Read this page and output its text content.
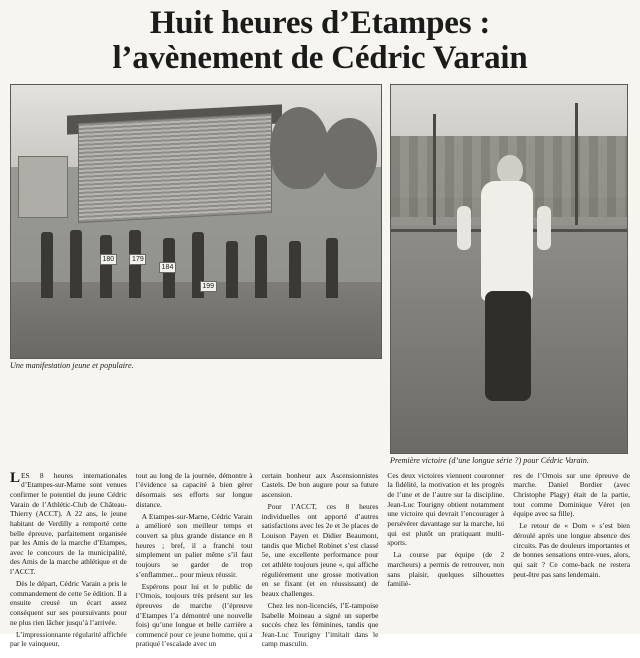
Huit heures d’Etampes :
l’avènement de Cédric Varain
180	179
184
199
Une manifestation jeune et populaire.
Première victoire (d’une longue série ?) pour Cédric Varain.

LES 8 heures internationales d’Etampes-sur-Marne sont venues confirmer le potentiel du jeune Cédric Varain de l’Athlétic-Club de Château-Thierry (ACCT). A 22 ans, le jeune habitant de Verdilly a remporté cette belle épreuve, parfaitement organisée par les Amis de la marche d’Etampes, avec le concours de la municipalité, des Amis de la marche athlétique et de l’ACCT.

Dès le départ, Cédric Varain a pris le commandement de cette 5e édition. Il a ensuite creusé un écart assez conséquent sur ses poursuivants pour ne plus rien lâcher jusqu’à l’arrivée.

L’impressionnante régularité affichée par le vainqueur,

tout au long de la journée, démontre à l’évidence sa capacité à bien gérer désormais ses efforts sur longue distance.

A Etampes-sur-Marne, Cédric Varain a amélioré son meilleur temps et couvert sa plus grande distance en 8 heures ; bref, il a franchi tout simplement un palier même s’il faut toujours se garder de trop s’enflammer... pour mieux réussir.

Espérons pour lui et le public de l’Omois, toujours très présent sur les épreuves de marche (l’épreuve d’Etampes l’a démontré une nouvelle fois) qu’une longue et belle carrière a commencé pour ce jeune homme, qui a pratiqué l’escalade avec un

certain bonheur aux Ascensionnistes Castels. De bon augure pour sa future ascension.

Pour l’ACCT, ces 8 heures individuelles ont apporté d’autres satisfactions avec les 2e et 3e places de Louison Payen et Didier Beaumont, tandis que Michel Robinet s’est classé 5e, une excellente performance pour cet athlète toujours jeune «, qui affiche régulièrement une grosse motivation en se fixant (et en réussissant) de beaux challenges.

Chez les non-licenciés, l’E-tampoise Isabelle Moineau a signé un superbe succès chez les féminines, tandis que Jean-Luc Tourigny l’imitait dans le camp masculin.

Ces deux victoires viennent couronner la fidélité, la motivation et les progrès de l’une et de l’autre sur la discipline. Jean-Luc Tourigny obtient notamment une victoire qui devrait l’encourager à persévérer davantage sur la marche, lui qui est plutôt un pratiquant multi-sports.

La course par équipe (de 2 marcheurs) a permis de retrouver, non sans plaisir, quelques silhouettes familiè-

res de l’Omois sur une épreuve de marche. Daniel Bordier (avec Christophe Plagy) était de la partie, tout comme Dominique Véret (en équipe avec sa fille).

Le retour de « Dom » s’est bien déroulé après une longue absence des circuits. Pas de douleurs importantes et de bonnes sensations entre-vues, alors, qui sait ? Ce come-back ne restera peut-être pas sans lendemain.
